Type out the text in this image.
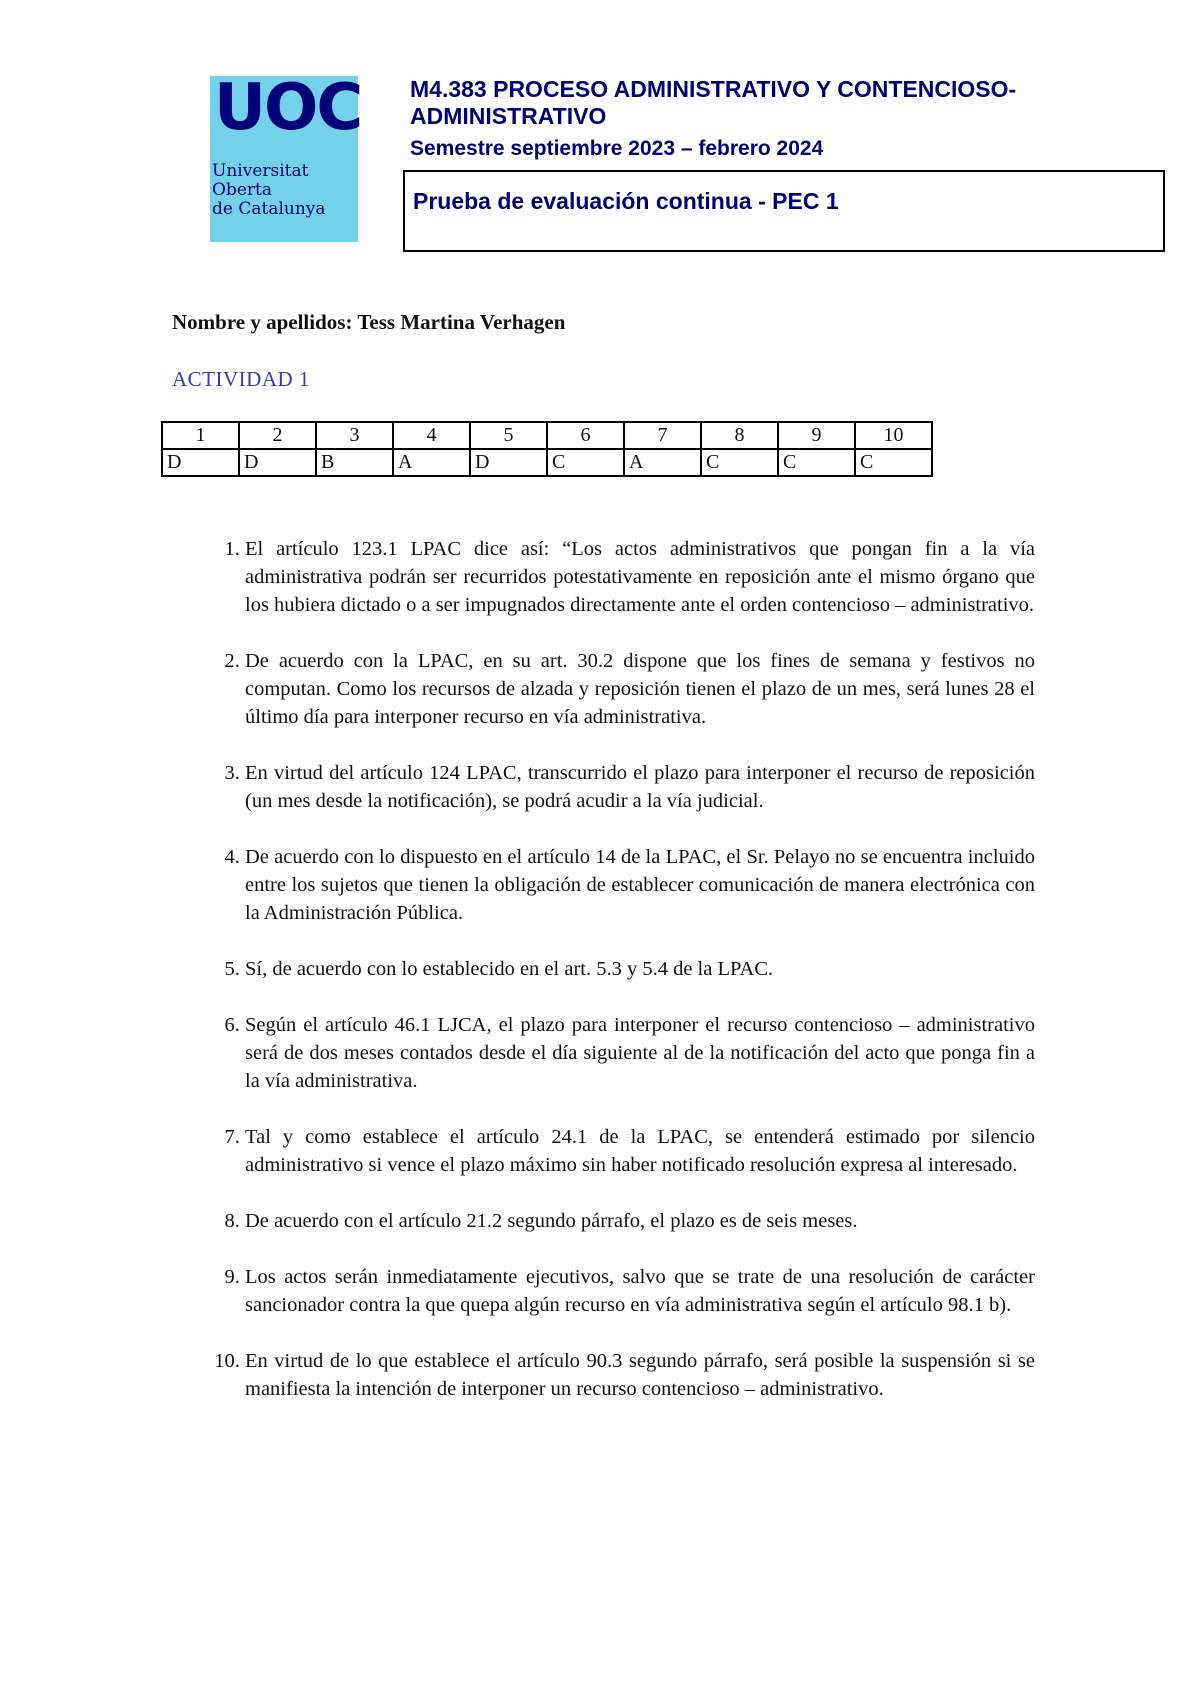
UOC
Universitat
Oberta
de Catalunya

M4.383 PROCESO ADMINISTRATIVO Y CONTENCIOSO-ADMINISTRATIVO

Semestre septiembre 2023 – febrero 2024
Prueba de evaluación continua - PEC 1
Nombre y apellidos: Tess Martina Verhagen
ACTIVIDAD 1
1	2	3	4	5	6	7	8	9	10
D	D	B	A	D	C	A	C	C	C
1. El artículo 123.1 LPAC dice así: “Los actos administrativos que pongan fin a la vía administrativa podrán ser recurridos potestativamente en reposición ante el mismo órgano que los hubiera dictado o a ser impugnados directamente ante el orden contencioso – administrativo.
2. De acuerdo con la LPAC, en su art. 30.2 dispone que los fines de semana y festivos no computan. Como los recursos de alzada y reposición tienen el plazo de un mes, será lunes 28 el último día para interponer recurso en vía administrativa.
3. En virtud del artículo 124 LPAC, transcurrido el plazo para interponer el recurso de reposición (un mes desde la notificación), se podrá acudir a la vía judicial.
4. De acuerdo con lo dispuesto en el artículo 14 de la LPAC, el Sr. Pelayo no se encuentra incluido entre los sujetos que tienen la obligación de establecer comunicación de manera electrónica con la Administración Pública.
5. Sí, de acuerdo con lo establecido en el art. 5.3 y 5.4 de la LPAC.
6. Según el artículo 46.1 LJCA, el plazo para interponer el recurso contencioso – administrativo será de dos meses contados desde el día siguiente al de la notificación del acto que ponga fin a la vía administrativa.
7. Tal y como establece el artículo 24.1 de la LPAC, se entenderá estimado por silencio administrativo si vence el plazo máximo sin haber notificado resolución expresa al interesado.
8. De acuerdo con el artículo 21.2 segundo párrafo, el plazo es de seis meses.
9. Los actos serán inmediatamente ejecutivos, salvo que se trate de una resolución de carácter sancionador contra la que quepa algún recurso en vía administrativa según el artículo 98.1 b).
10. En virtud de lo que establece el artículo 90.3 segundo párrafo, será posible la suspensión si se manifiesta la intención de interponer un recurso contencioso – administrativo.
